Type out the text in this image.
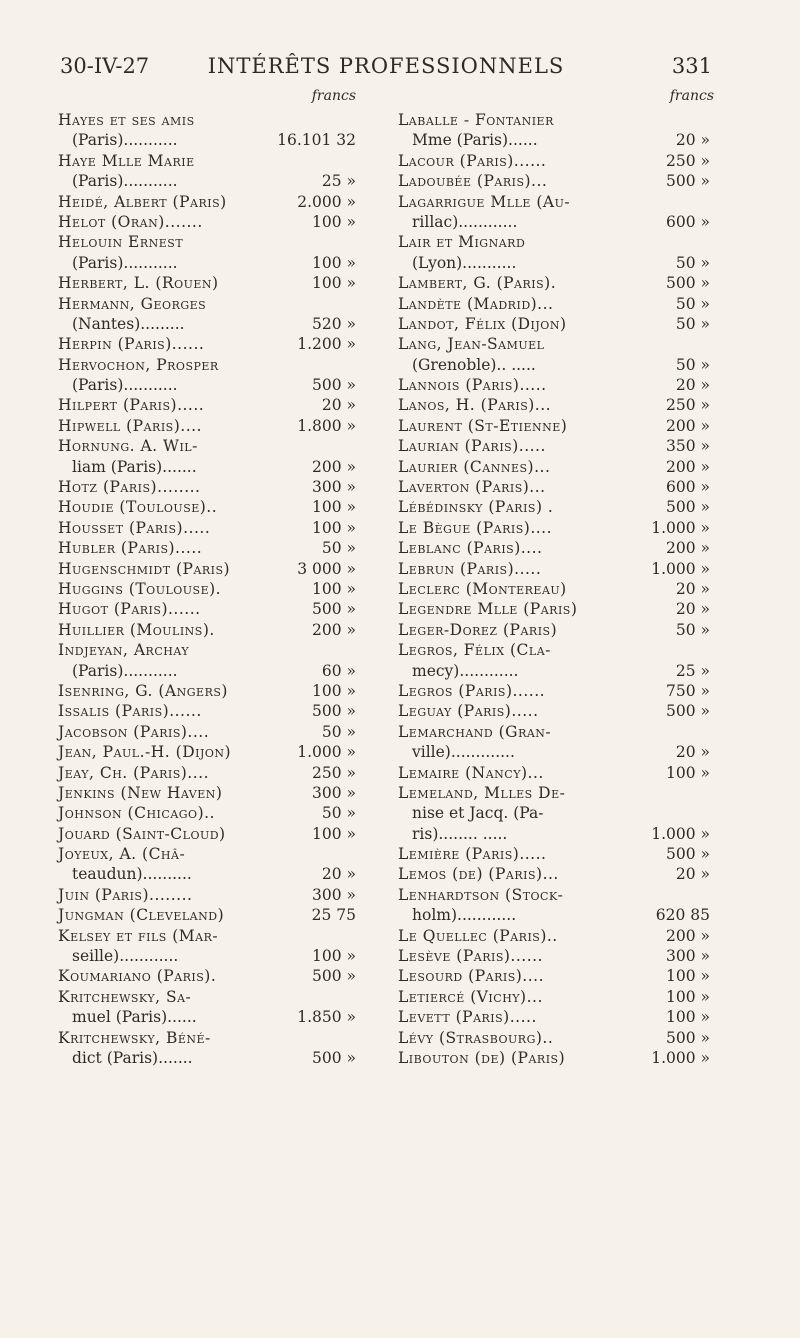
30-IV-27	INTÉRÊTS PROFESSIONNELS	331
francs
Hayes et ses amis
(Paris)...........	16.101 32
Haye Mlle Marie
(Paris)...........	25 »
Heidé, Albert (Paris)	2.000 »
Helot (Oran).......	100 »
Helouin Ernest
(Paris)...........	100 »
Herbert, L. (Rouen)	100 »
Hermann, Georges
(Nantes).........	520 »
Herpin (Paris)......	1.200 »
Hervochon, Prosper
(Paris)...........	500 »
Hilpert (Paris).....	20 »
Hipwell (Paris)....	1.800 »
Hornung. A. Wil-
liam (Paris).......	200 »
Hotz (Paris)........	300 »
Houdie (Toulouse)..	100 »
Housset (Paris).....	100 »
Hubler (Paris).....	50 »
Hugenschmidt (Paris)	3 000 »
Huggins (Toulouse).	100 »
Hugot (Paris)......	500 »
Huillier (Moulins).	200 »
Indjeyan, Archay
(Paris)...........	60 »
Isenring, G. (Angers)	100 »
Issalis (Paris)......	500 »
Jacobson (Paris)....	50 »
Jean, Paul.-H. (Dijon)	1.000 »
Jeay, Ch. (Paris)....	250 »
Jenkins (New Haven)	300 »
Johnson (Chicago)..	50 »
Jouard (Saint-Cloud)	100 »
Joyeux, A. (Châ-
teaudun)..........	20 »
Juin (Paris)........	300 »
Jungman (Cleveland)	25 75
Kelsey et fils (Mar-
seille)............	100 »
Koumariano (Paris).	500 »
Kritchewsky, Sa-
muel (Paris)......	1.850 »
Kritchewsky, Béné-
dict (Paris).......	500 »
francs
Laballe - Fontanier
Mme (Paris)......	20 »
Lacour (Paris)......	250 »
Ladoubée (Paris)...	500 »
Lagarrigue Mlle (Au-
rillac)............	600 »
Lair et Mignard
(Lyon)...........	50 »
Lambert, G. (Paris).	500 »
Landète (Madrid)...	50 »
Landot, Félix (Dijon)	50 »
Lang, Jean-Samuel
(Grenoble).. .....	50 »
Lannois (Paris).....	20 »
Lanos, H. (Paris)...	250 »
Laurent (St-Etienne)	200 »
Laurian (Paris).....	350 »
Laurier (Cannes)...	200 »
Laverton (Paris)...	600 »
Lébédinsky (Paris) .	500 »
Le Bègue (Paris)....	1.000 »
Leblanc (Paris)....	200 »
Lebrun (Paris).....	1.000 »
Leclerc (Montereau)	20 »
Legendre Mlle (Paris)	20 »
Leger-Dorez (Paris)	50 »
Legros, Félix (Cla-
mecy)............	25 »
Legros (Paris)......	750 »
Leguay (Paris).....	500 »
Lemarchand (Gran-
ville).............	20 »
Lemaire (Nancy)...	100 »
Lemeland, Mlles De-
nise et Jacq. (Pa-
ris)........ .....	1.000 »
Lemière (Paris).....	500 »
Lemos (de) (Paris)...	20 »
Lenhardtson (Stock-
holm)............	620 85
Le Quellec (Paris)..	200 »
Lesève (Paris)......	300 »
Lesourd (Paris)....	100 »
Letiercé (Vichy)...	100 »
Levett (Paris).....	100 »
Lévy (Strasbourg)..	500 »
Libouton (de) (Paris)	1.000 »
